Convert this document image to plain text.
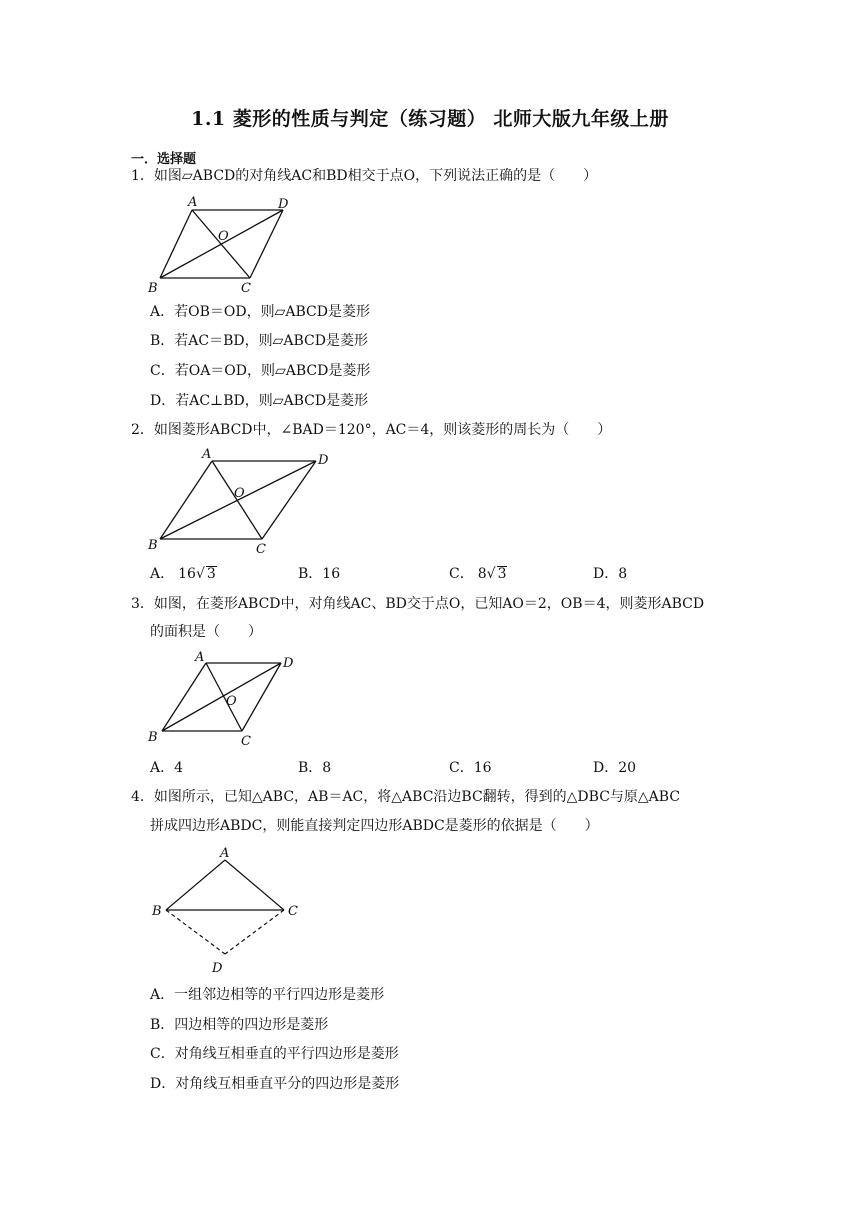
1.1 菱形的性质与判定（练习题） 北师大版九年级上册
一．选择题
1．如图▱ABCD的对角线AC和BD相交于点O，下列说法正确的是（　　）
A	D
B	C
O
A．若OB＝OD，则▱ABCD是菱形
B．若AC＝BD，则▱ABCD是菱形
C．若OA＝OD，则▱ABCD是菱形
D．若AC⊥BD，则▱ABCD是菱形
2．如图菱形ABCD中，∠BAD＝120°，AC＝4，则该菱形的周长为（　　）
A	D
B	C
O
A． 16√ 3	B．16	C． 8√ 3	D．8
3．如图，在菱形ABCD中，对角线AC、BD交于点O，已知AO＝2，OB＝4，则菱形ABCD
的面积是（　　）
A	D
B	C
O
A．4	B．8	C．16	D．20
4．如图所示，已知△ABC，AB＝AC，将△ABC沿边BC翻转，得到的△DBC与原△ABC
拼成四边形ABDC，则能直接判定四边形ABDC是菱形的依据是（　　）
A
B	C
D
A．一组邻边相等的平行四边形是菱形
B．四边相等的四边形是菱形
C．对角线互相垂直的平行四边形是菱形
D．对角线互相垂直平分的四边形是菱形
